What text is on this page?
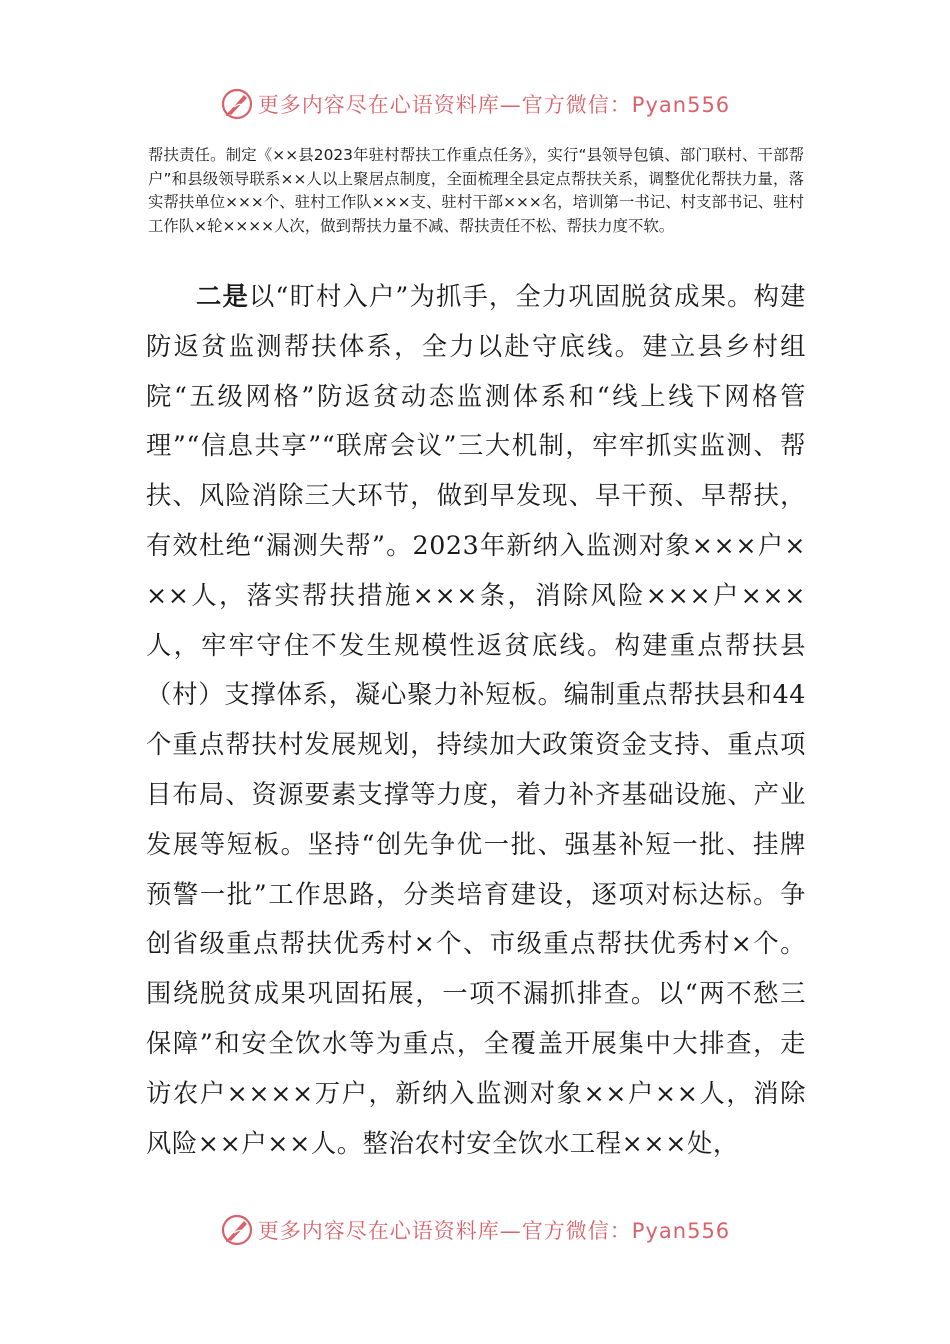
更多内容尽在心语资料库—官方微信：Pyan556

帮扶责任。制定《××县2023年驻村帮扶工作重点任务》，实行“县领导包镇、部门联村、干部帮户”和县级领导联系××人以上聚居点制度，全面梳理全县定点帮扶关系，调整优化帮扶力量，落实帮扶单位×××个、驻村工作队×××支、驻村干部×××名，培训第一书记、村支部书记、驻村工作队×轮××××人次，做到帮扶力量不减、帮扶责任不松、帮扶力度不软。

二是以“盯村入户”为抓手，全力巩固脱贫成果。构建防返贫监测帮扶体系，全力以赴守底线。建立县乡村组院“五级网格”防返贫动态监测体系和“线上线下网格管理”“信息共享”“联席会议”三大机制，牢牢抓实监测、帮扶、风险消除三大环节，做到早发现、早干预、早帮扶，有效杜绝“漏测失帮”。2023年新纳入监测对象×××户×××人，落实帮扶措施×××条，消除风险×××户×××人，牢牢守住不发生规模性返贫底线。构建重点帮扶县（村）支撑体系，凝心聚力补短板。编制重点帮扶县和44个重点帮扶村发展规划，持续加大政策资金支持、重点项目布局、资源要素支撑等力度，着力补齐基础设施、产业发展等短板。坚持“创先争优一批、强基补短一批、挂牌预警一批”工作思路，分类培育建设，逐项对标达标。争创省级重点帮扶优秀村×个、市级重点帮扶优秀村×个。围绕脱贫成果巩固拓展，一项不漏抓排查。以“两不愁三保障”和安全饮水等为重点，全覆盖开展集中大排查，走访农户××××万户，新纳入监测对象××户××人，消除风险××户××人。整治农村安全饮水工程×××处，

更多内容尽在心语资料库—官方微信：Pyan556
